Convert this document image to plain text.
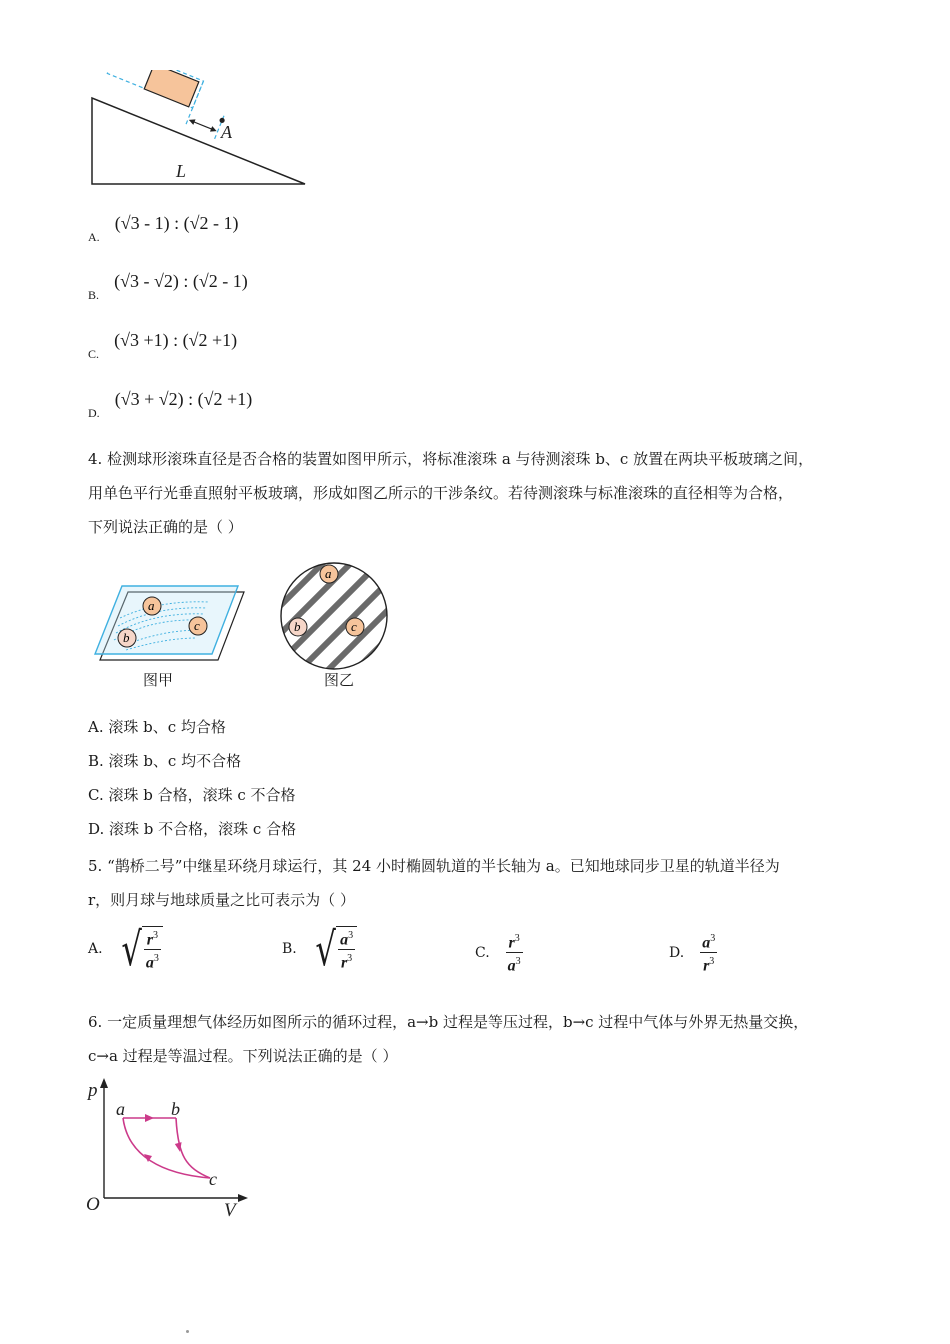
A
L
$_{A.}$ (√3 - 1) : (√2 - 1)
$_{B.}$ (√3 - √2) : (√2 - 1)
$_{C.}$ (√3 +1) : (√2 +1)
$_{D.}$ (√3 + √2) : (√2 +1)
4. 检测球形滚珠直径是否合格的装置如图甲所示，将标准滚珠 a 与待测滚珠 b、c 放置在两块平板玻璃之间，
用单色平行光垂直照射平板玻璃，形成如图乙所示的干涉条纹。若待测滚珠与标准滚珠的直径相等为合格，
下列说法正确的是（ ）
a
b
c
图甲
a
b	c
图乙
A. 滚珠 b、c 均合格
B. 滚珠 b、c 均不合格
C. 滚珠 b 合格，滚珠 c 不合格
D. 滚珠 b 不合格，滚珠 c 合格
5. “鹊桥二号”中继星环绕月球运行，其 24 小时椭圆轨道的半长轴为 a。已知地球同步卫星的轨道半径为
r，则月球与地球质量之比可表示为（ ）
A. √ $\frac{r^3}{a^3}$	B. √ $\frac{a^3}{r^3}$	C. $\frac{r^3}{a^3}$	D. $\frac{a^3}{r^3}$
6. 一定质量理想气体经历如图所示的循环过程，a→b 过程是等压过程，b→c 过程中气体与外界无热量交换，
c→a 过程是等温过程。下列说法正确的是（ ）
p
V
O
a	b
c
